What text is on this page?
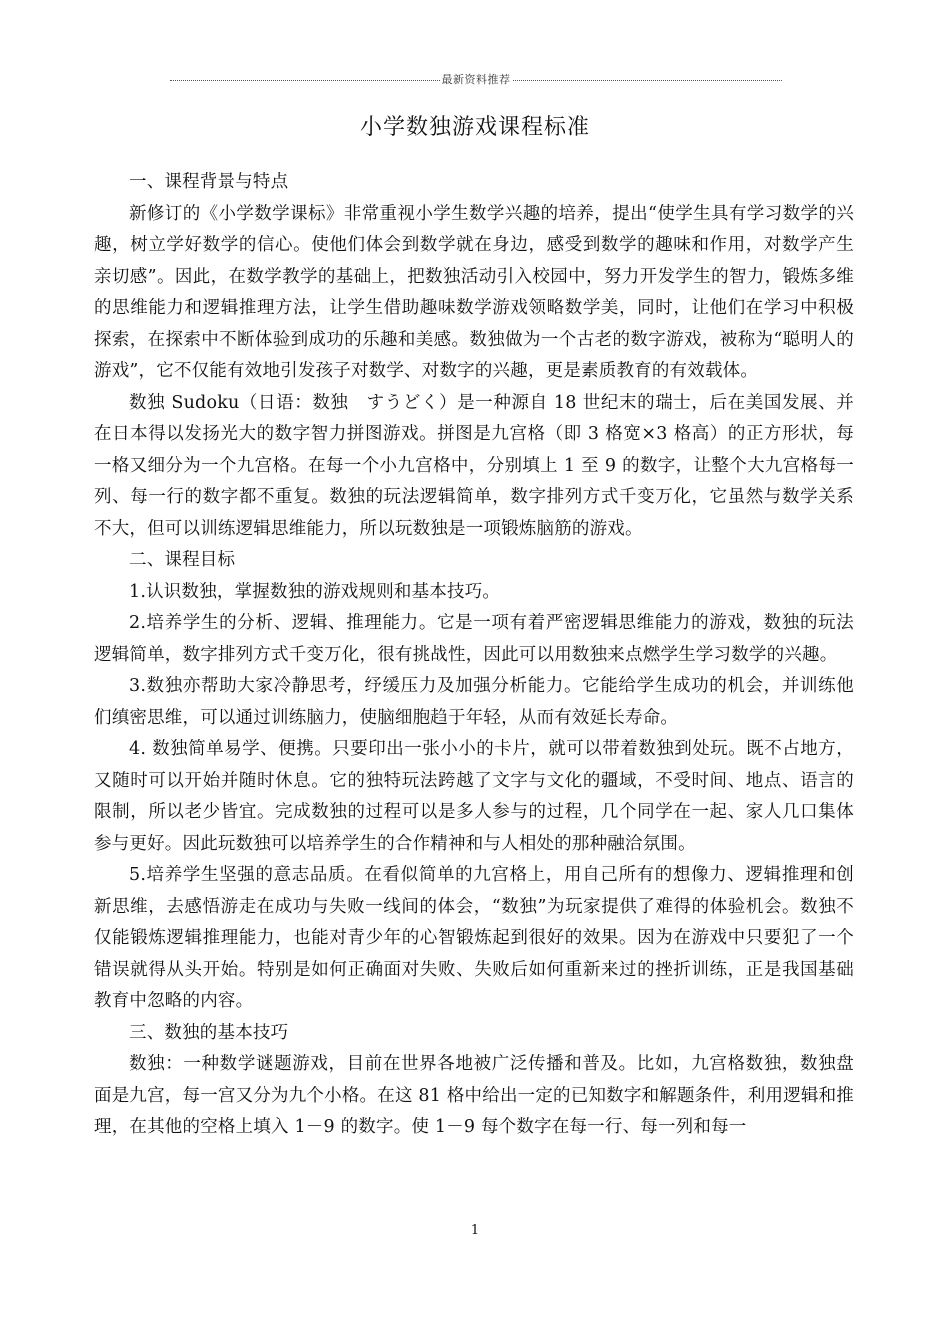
最新资料推荐
小学数独游戏课程标准

一、课程背景与特点

新修订的《小学数学课标》非常重视小学生数学兴趣的培养，提出“使学生具有学习数学的兴趣，树立学好数学的信心。使他们体会到数学就在身边，感受到数学的趣味和作用，对数学产生亲切感”。因此，在数学教学的基础上，把数独活动引入校园中，努力开发学生的智力，锻炼多维的思维能力和逻辑推理方法，让学生借助趣味数学游戏领略数学美，同时，让他们在学习中积极探索，在探索中不断体验到成功的乐趣和美感。数独做为一个古老的数字游戏，被称为“聪明人的游戏”，它不仅能有效地引发孩子对数学、对数字的兴趣，更是素质教育的有效载体。

数独 Sudoku（日语：数独　すうどく）是一种源自 18 世纪末的瑞士，后在美国发展、并在日本得以发扬光大的数字智力拼图游戏。拼图是九宫格（即 3 格宽×3 格高）的正方形状，每一格又细分为一个九宫格。在每一个小九宫格中，分别填上 1 至 9 的数字，让整个大九宫格每一列、每一行的数字都不重复。数独的玩法逻辑简单，数字排列方式千变万化，它虽然与数学关系不大，但可以训练逻辑思维能力，所以玩数独是一项锻炼脑筋的游戏。

二、课程目标

1.认识数独，掌握数独的游戏规则和基本技巧。

2.培养学生的分析、逻辑、推理能力。它是一项有着严密逻辑思维能力的游戏，数独的玩法逻辑简单，数字排列方式千变万化，很有挑战性，因此可以用数独来点燃学生学习数学的兴趣。

3.数独亦帮助大家冷静思考，纾缓压力及加强分析能力。它能给学生成功的机会，并训练他们缜密思维，可以通过训练脑力，使脑细胞趋于年轻，从而有效延长寿命。

4. 数独简单易学、便携。只要印出一张小小的卡片，就可以带着数独到处玩。既不占地方，又随时可以开始并随时休息。它的独特玩法跨越了文字与文化的疆域，不受时间、地点、语言的限制，所以老少皆宜。完成数独的过程可以是多人参与的过程，几个同学在一起、家人几口集体参与更好。因此玩数独可以培养学生的合作精神和与人相处的那种融洽氛围。

5.培养学生坚强的意志品质。在看似简单的九宫格上，用自己所有的想像力、逻辑推理和创新思维，去感悟游走在成功与失败一线间的体会，“数独”为玩家提供了难得的体验机会。数独不仅能锻炼逻辑推理能力，也能对青少年的心智锻炼起到很好的效果。因为在游戏中只要犯了一个错误就得从头开始。特别是如何正确面对失败、失败后如何重新来过的挫折训练，正是我国基础教育中忽略的内容。

三、数独的基本技巧

数独：一种数学谜题游戏，目前在世界各地被广泛传播和普及。比如，九宫格数独，数独盘面是九宫，每一宫又分为九个小格。在这 81 格中给出一定的已知数字和解题条件，利用逻辑和推理，在其他的空格上填入 1－9 的数字。使 1－9 每个数字在每一行、每一列和每一

1
